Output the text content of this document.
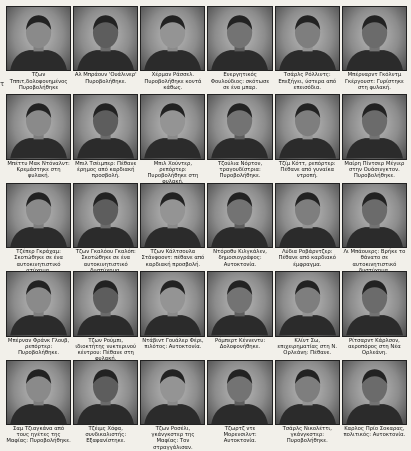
τ
Τζων Τππιτ,δολοφονημένος Πυροβολήθηκε
Αλ Μπράουν 'Ουάλινερ' Πυροβολήθηκε.
Χέρμαν Ράσσελ. Πυροβολήθηκε κοντά κάθως.
Ενεργητικός Φουλούδιος: σκότωσε σε ένα μπαρ.
Τσάρλς Ρόλλιντς: Επεξήγει, ύστερα από επεισόδια.
Μπέρναρντ Γκόλντμ Γκέργουστ: Γυρίστηκε στη φυλακή.
Μπέττυ Μακ Ντόναλντ: Κρεμάστηκε στη φυλακή.
Μπιλ Τσέιμπερ: Πέθανε έρημος από καρδιακή προσβολή.
Μπιλ Χούντερ, ρεπόρτερ: Πυροβολήθηκε στη
Τζούλια Νόρτον, τραγουδίστρια: Πυροβολήθηκε.
Τζίμ Κόττ, ρεπόρτερ: Πέθανε από γυναίκα ντροπή.
Μαίρη Πίντσερ Μέγιερ στην Ουάσινγκτον. Πυροβολήθηκε.
Τζέπερ Γκράχαμ: Σκοτώθηκε σε ένα αυτοκινητιστικό
Τζων Γκαλόου Γκαλόπ: Σκοτώθηκε σε ένα αυτοκινητιστικό
Τζων Κάλτσουλα Στάνφοοντ: πέθανε από καρδιακή προσβολή.
Ντόροθυ Κιλγκάλεν, δημοσιογράφος: Αυτοκτονία.
Λύδια Ροβάρντζερ: Πέθανε από καρδιακό έμφραγμα.
Λι Μπάουερς: Βρήκε το θάνατο σε αυτοκινητιστικό
Μπέρναν Φράνκ Γλουβ, ρεπόρτερ: Πυροβολήθηκε.
Τζων Ρούμπι, ιδιοκτήτης νυκτερινού κέντρου: Πέθανε στη
Ντάβιντ Γουάλερ Φέρι, πιλότος: Αυτοκτονία.
Ρόμπερτ Κέννεντυ: Δολοφονήθηκε.
Κλίντ Σω, επιχειρηματίας στη Ν. Ορλεάνη: Πέθανε.
Ρίτσαρντ Κάρλσον, αεροπόρος στη Νέα Ορλεάνη.
Σαμ Τζιαγκάνα από τους ηγέτες της Μαφίας: Πυροβολήθηκε.
Τζέιμς Χόφα, συνδικαλιστής: Εξαφανίστηκε.
Τζων Ροσέλι, γκάνγκστερ της Μαφίας: Τον στραγγάλισαν.
Τζωρτζ ντε Μορενσιλντ: Αυτοκτονία.
Τσάρλς Νικολέττι, γκάνγκστερ: Πυροβολήθηκε.
Καρλος Πρίο Σοκαρας, πολιτικός: Αυτοκτονία.
